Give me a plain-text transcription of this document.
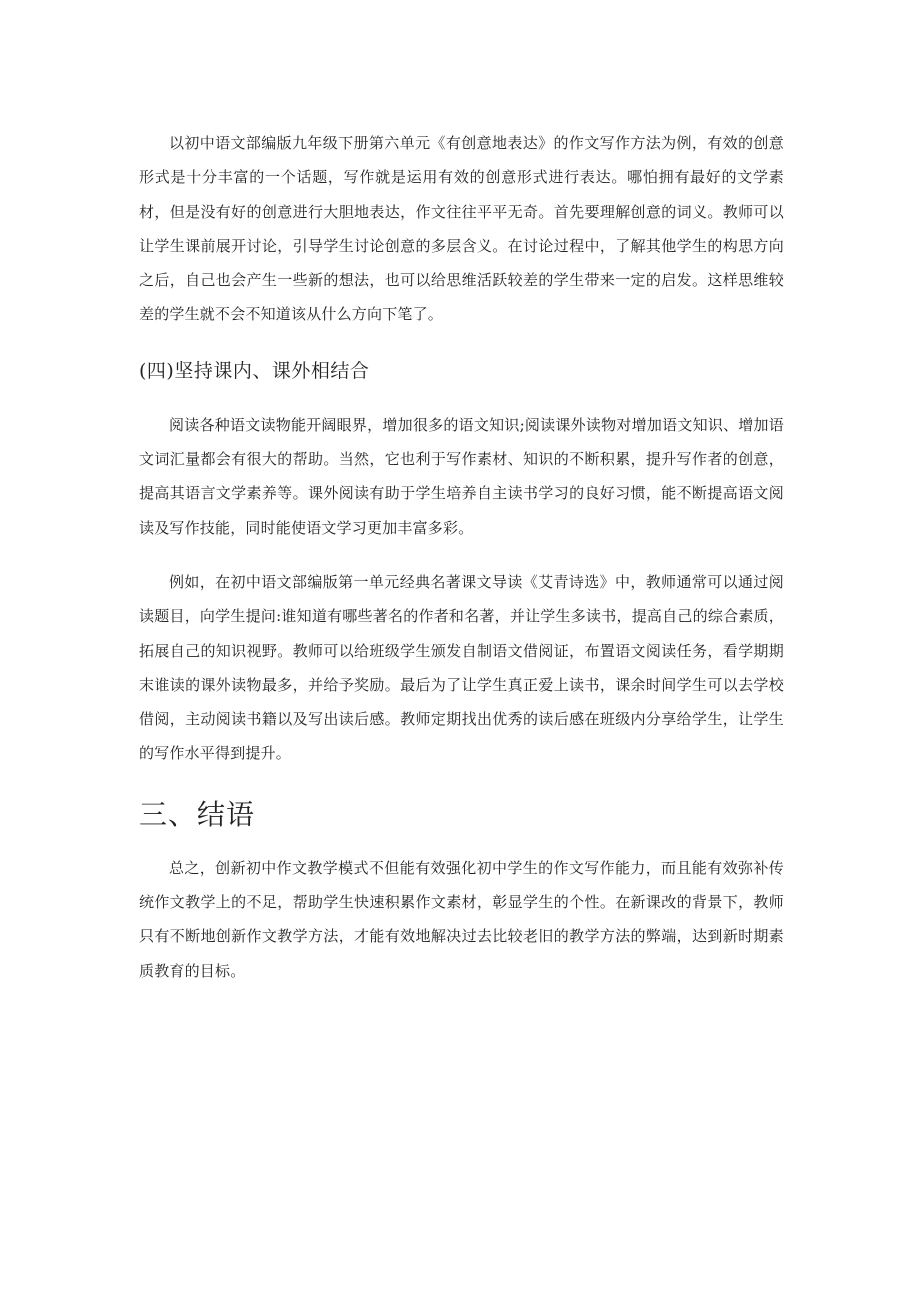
以初中语文部编版九年级下册第六单元《有创意地表达》的作文写作方法为例，有效的创意形式是十分丰富的一个话题，写作就是运用有效的创意形式进行表达。哪怕拥有最好的文学素材，但是没有好的创意进行大胆地表达，作文往往平平无奇。首先要理解创意的词义。教师可以让学生课前展开讨论，引导学生讨论创意的多层含义。在讨论过程中，了解其他学生的构思方向之后，自己也会产生一些新的想法，也可以给思维活跃较差的学生带来一定的启发。这样思维较差的学生就不会不知道该从什么方向下笔了。

(四)坚持课内、课外相结合

阅读各种语文读物能开阔眼界，增加很多的语文知识;阅读课外读物对增加语文知识、增加语文词汇量都会有很大的帮助。当然，它也利于写作素材、知识的不断积累，提升写作者的创意，提高其语言文学素养等。课外阅读有助于学生培养自主读书学习的良好习惯，能不断提高语文阅读及写作技能，同时能使语文学习更加丰富多彩。

例如，在初中语文部编版第一单元经典名著课文导读《艾青诗选》中，教师通常可以通过阅读题目，向学生提问:谁知道有哪些著名的作者和名著，并让学生多读书，提高自己的综合素质，拓展自己的知识视野。教师可以给班级学生颁发自制语文借阅证，布置语文阅读任务，看学期期末谁读的课外读物最多，并给予奖励。最后为了让学生真正爱上读书，课余时间学生可以去学校借阅，主动阅读书籍以及写出读后感。教师定期找出优秀的读后感在班级内分享给学生，让学生的写作水平得到提升。

三、结语

总之，创新初中作文教学模式不但能有效强化初中学生的作文写作能力，而且能有效弥补传统作文教学上的不足，帮助学生快速积累作文素材，彰显学生的个性。在新课改的背景下，教师只有不断地创新作文教学方法，才能有效地解决过去比较老旧的教学方法的弊端，达到新时期素质教育的目标。
